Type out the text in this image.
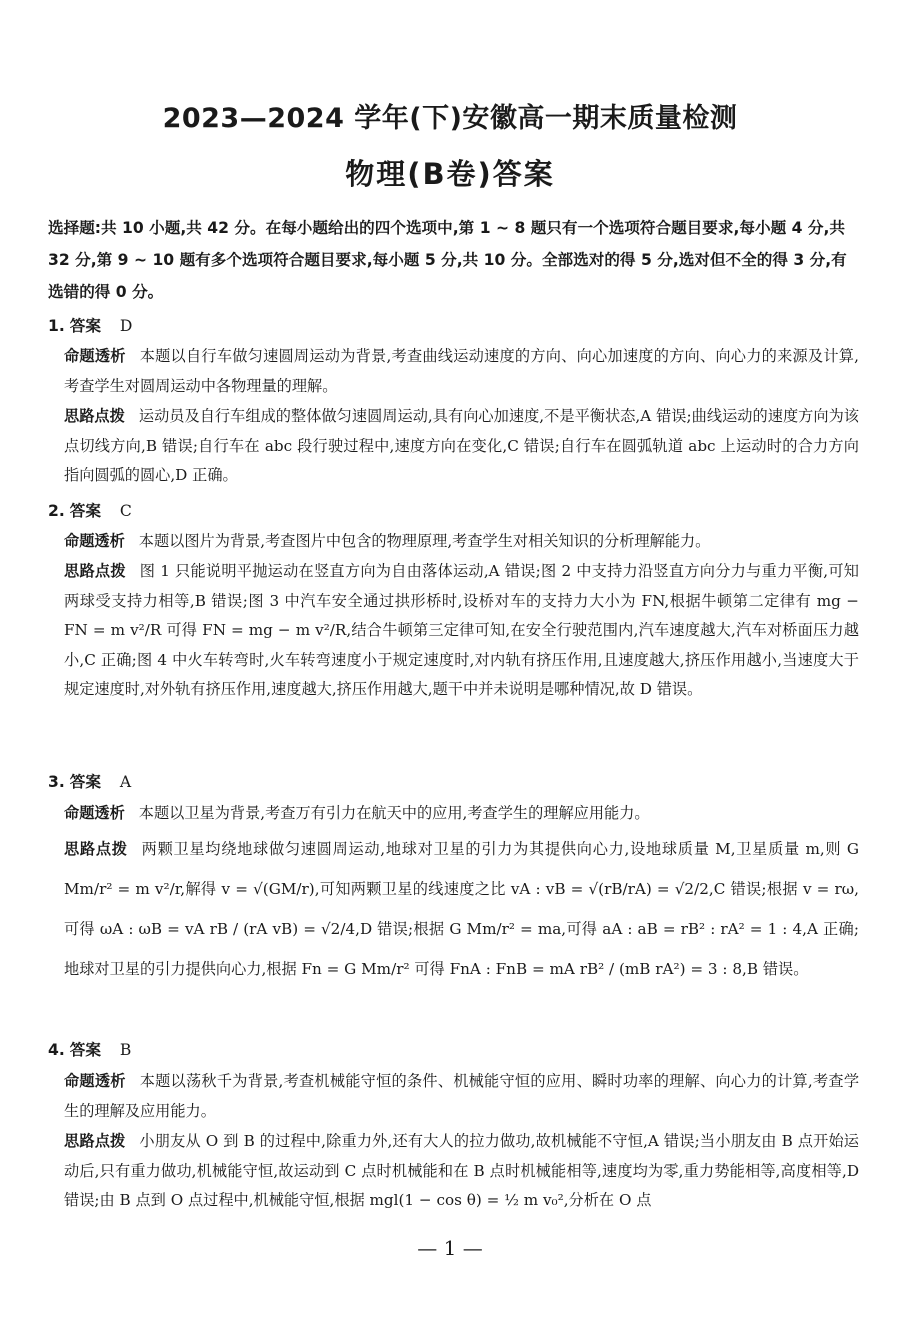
2023—2024 学年(下)安徽高一期末质量检测
物理(B卷)答案
选择题:共 10 小题,共 42 分。在每小题给出的四个选项中,第 1 ~ 8 题只有一个选项符合题目要求,每小题 4 分,共 32 分,第 9 ~ 10 题有多个选项符合题目要求,每小题 5 分,共 10 分。全部选对的得 5 分,选对但不全的得 3 分,有选错的得 0 分。
1. 答案 D
命题透析 本题以自行车做匀速圆周运动为背景,考查曲线运动速度的方向、向心加速度的方向、向心力的来源及计算,考查学生对圆周运动中各物理量的理解。
思路点拨 运动员及自行车组成的整体做匀速圆周运动,具有向心加速度,不是平衡状态,A 错误;曲线运动的速度方向为该点切线方向,B 错误;自行车在 abc 段行驶过程中,速度方向在变化,C 错误;自行车在圆弧轨道 abc 上运动时的合力方向指向圆弧的圆心,D 正确。
2. 答案 C
命题透析 本题以图片为背景,考查图片中包含的物理原理,考查学生对相关知识的分析理解能力。
思路点拨 图 1 只能说明平抛运动在竖直方向为自由落体运动,A 错误;图 2 中支持力沿竖直方向分力与重力平衡,可知两球受支持力相等,B 错误;图 3 中汽车安全通过拱形桥时,设桥对车的支持力大小为 FN,根据牛顿第二定律有 mg − FN = m v²/R 可得 FN = mg − m v²/R,结合牛顿第三定律可知,在安全行驶范围内,汽车速度越大,汽车对桥面压力越小,C 正确;图 4 中火车转弯时,火车转弯速度小于规定速度时,对内轨有挤压作用,且速度越大,挤压作用越小,当速度大于规定速度时,对外轨有挤压作用,速度越大,挤压作用越大,题干中并未说明是哪种情况,故 D 错误。
3. 答案 A
命题透析 本题以卫星为背景,考查万有引力在航天中的应用,考查学生的理解应用能力。
思路点拨 两颗卫星均绕地球做匀速圆周运动,地球对卫星的引力为其提供向心力,设地球质量 M,卫星质量 m,则 G Mm/r² = m v²/r,解得 v = √(GM/r),可知两颗卫星的线速度之比 vA : vB = √(rB/rA) = √2/2,C 错误;根据 v = rω,可得 ωA : ωB = vA rB / (rA vB) = √2/4,D 错误;根据 G Mm/r² = ma,可得 aA : aB = rB² : rA² = 1 : 4,A 正确;地球对卫星的引力提供向心力,根据 Fn = G Mm/r² 可得 FnA : FnB = mA rB² / (mB rA²) = 3 : 8,B 错误。
4. 答案 B
命题透析 本题以荡秋千为背景,考查机械能守恒的条件、机械能守恒的应用、瞬时功率的理解、向心力的计算,考查学生的理解及应用能力。
思路点拨 小朋友从 O 到 B 的过程中,除重力外,还有大人的拉力做功,故机械能不守恒,A 错误;当小朋友由 B 点开始运动后,只有重力做功,机械能守恒,故运动到 C 点时机械能和在 B 点时机械能相等,速度均为零,重力势能相等,高度相等,D 错误;由 B 点到 O 点过程中,机械能守恒,根据 mgl(1 − cos θ) = ½ m v₀²,分析在 O 点
— 1 —
